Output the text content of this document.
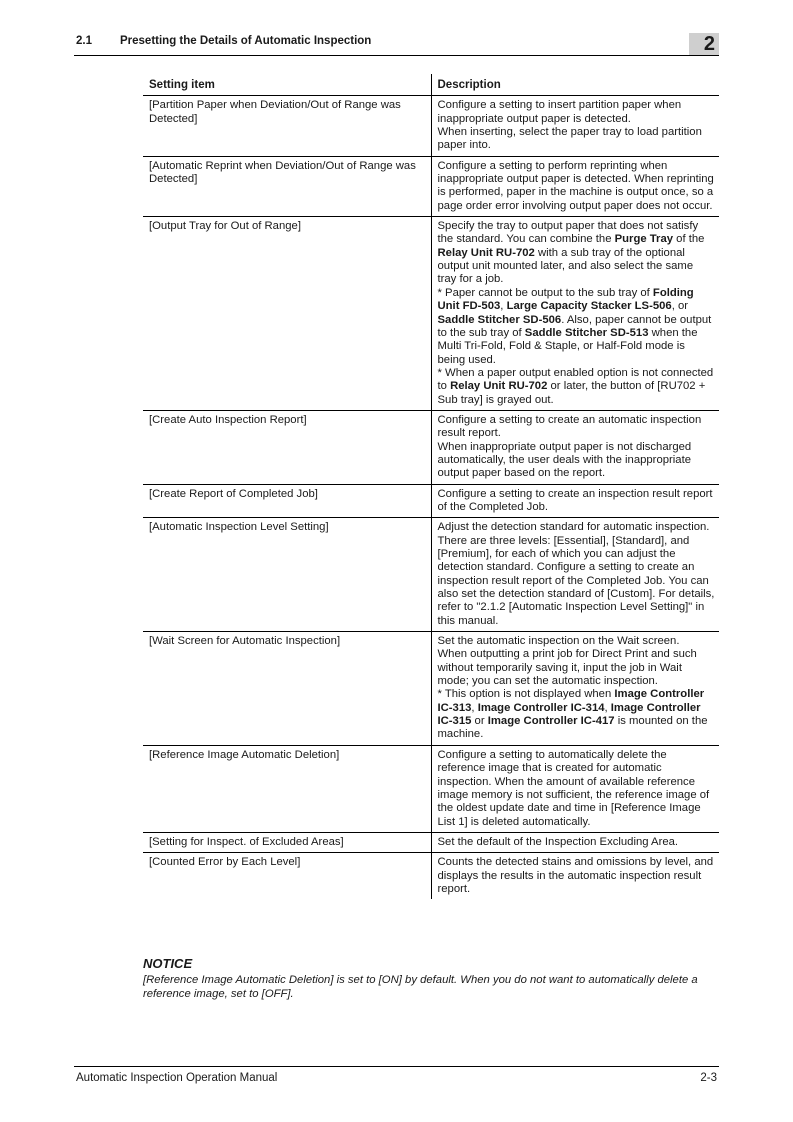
2.1 Presetting the Details of Automatic Inspection	2
Setting item	Description
[Partition Paper when Deviation/Out of Range was Detected]	Configure a setting to insert partition paper when inappropriate output paper is detected.

When inserting, select the paper tray to load partition paper into.

[Automatic Reprint when Deviation/Out of Range was Detected]	Configure a setting to perform reprinting when inappropriate output paper is detected. When reprinting is performed, paper in the machine is output once, so a page order error involving output paper does not occur.

[Output Tray for Out of Range]	Specify the tray to output paper that does not satisfy the standard. You can combine the Purge Tray of the Relay Unit RU-702 with a sub tray of the optional output unit mounted later, and also select the same tray for a job.

* Paper cannot be output to the sub tray of Folding Unit FD-503, Large Capacity Stacker LS-506, or Saddle Stitcher SD-506. Also, paper cannot be output to the sub tray of Saddle Stitcher SD-513 when the Multi Tri-Fold, Fold & Staple, or Half-Fold mode is being used.

* When a paper output enabled option is not connected to Relay Unit RU-702 or later, the button of [RU702 + Sub tray] is grayed out.

[Create Auto Inspection Report]	Configure a setting to create an automatic inspection result report.

When inappropriate output paper is not discharged automatically, the user deals with the inappropriate output paper based on the report.

[Create Report of Completed Job]	Configure a setting to create an inspection result report of the Completed Job.

[Automatic Inspection Level Setting]	Adjust the detection standard for automatic inspection. There are three levels: [Essential], [Standard], and [Premium], for each of which you can adjust the detection standard. Configure a setting to create an inspection result report of the Completed Job. You can also set the detection standard of [Custom]. For details, refer to "2.1.2 [Automatic Inspection Level Setting]" in this manual.

[Wait Screen for Automatic Inspection]	Set the automatic inspection on the Wait screen.

When outputting a print job for Direct Print and such without temporarily saving it, input the job in Wait mode; you can set the automatic inspection.

* This option is not displayed when Image Controller IC-313, Image Controller IC-314, Image Controller IC-315 or Image Controller IC-417 is mounted on the machine.

[Reference Image Automatic Deletion]	Configure a setting to automatically delete the reference image that is created for automatic inspection. When the amount of available reference image memory is not sufficient, the reference image of the oldest update date and time in [Reference Image List 1] is deleted automatically.

[Setting for Inspect. of Excluded Areas]	Set the default of the Inspection Excluding Area.

[Counted Error by Each Level]	Counts the detected stains and omissions by level, and displays the results in the automatic inspection result report.

NOTICE
[Reference Image Automatic Deletion] is set to [ON] by default. When you do not want to automatically delete a reference image, set to [OFF].
Automatic Inspection Operation Manual	2-3
